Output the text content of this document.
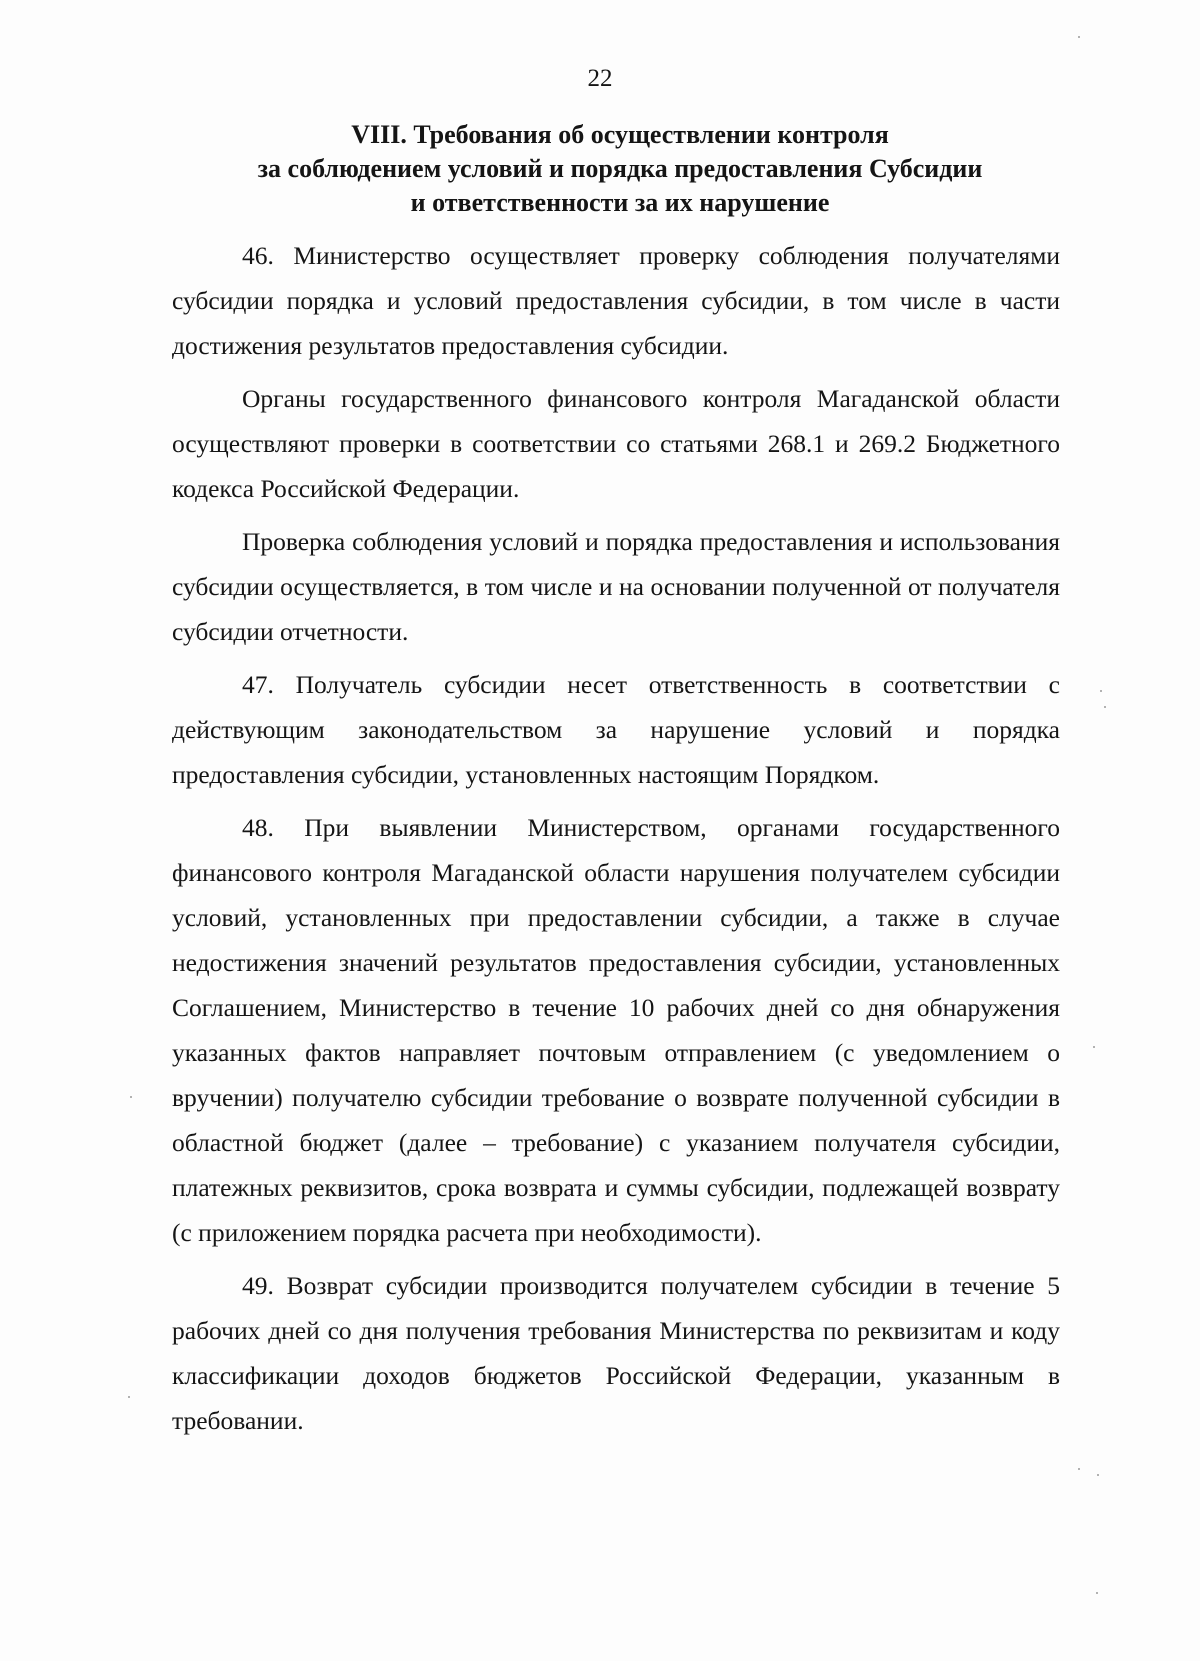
22
VIII. Требования об осуществлении контроля
за соблюдением условий и порядка предоставления Субсидии
и ответственности за их нарушение

46. Министерство осуществляет проверку соблюдения получателями субсидии порядка и условий предоставления субсидии, в том числе в части достижения результатов предоставления субсидии.

Органы государственного финансового контроля Магаданской области осуществляют проверки в соответствии со статьями 268.1 и 269.2 Бюджетного кодекса Российской Федерации.

Проверка соблюдения условий и порядка предоставления и использования субсидии осуществляется, в том числе и на основании полученной от получателя субсидии отчетности.

47. Получатель субсидии несет ответственность в соответствии с действующим законодательством за нарушение условий и порядка предоставления субсидии, установленных настоящим Порядком.

48. При выявлении Министерством, органами государственного финансового контроля Магаданской области нарушения получателем субсидии условий, установленных при предоставлении субсидии, а также в случае недостижения значений результатов предоставления субсидии, установленных Соглашением, Министерство в течение 10 рабочих дней со дня обнаружения указанных фактов направляет почтовым отправлением (с уведомлением о вручении) получателю субсидии требование о возврате полученной субсидии в областной бюджет (далее – требование) с указанием получателя субсидии, платежных реквизитов, срока возврата и суммы субсидии, подлежащей возврату (с приложением порядка расчета при необходимости).

49. Возврат субсидии производится получателем субсидии в течение 5 рабочих дней со дня получения требования Министерства по реквизитам и коду классификации доходов бюджетов Российской Федерации, указанным в требовании.
